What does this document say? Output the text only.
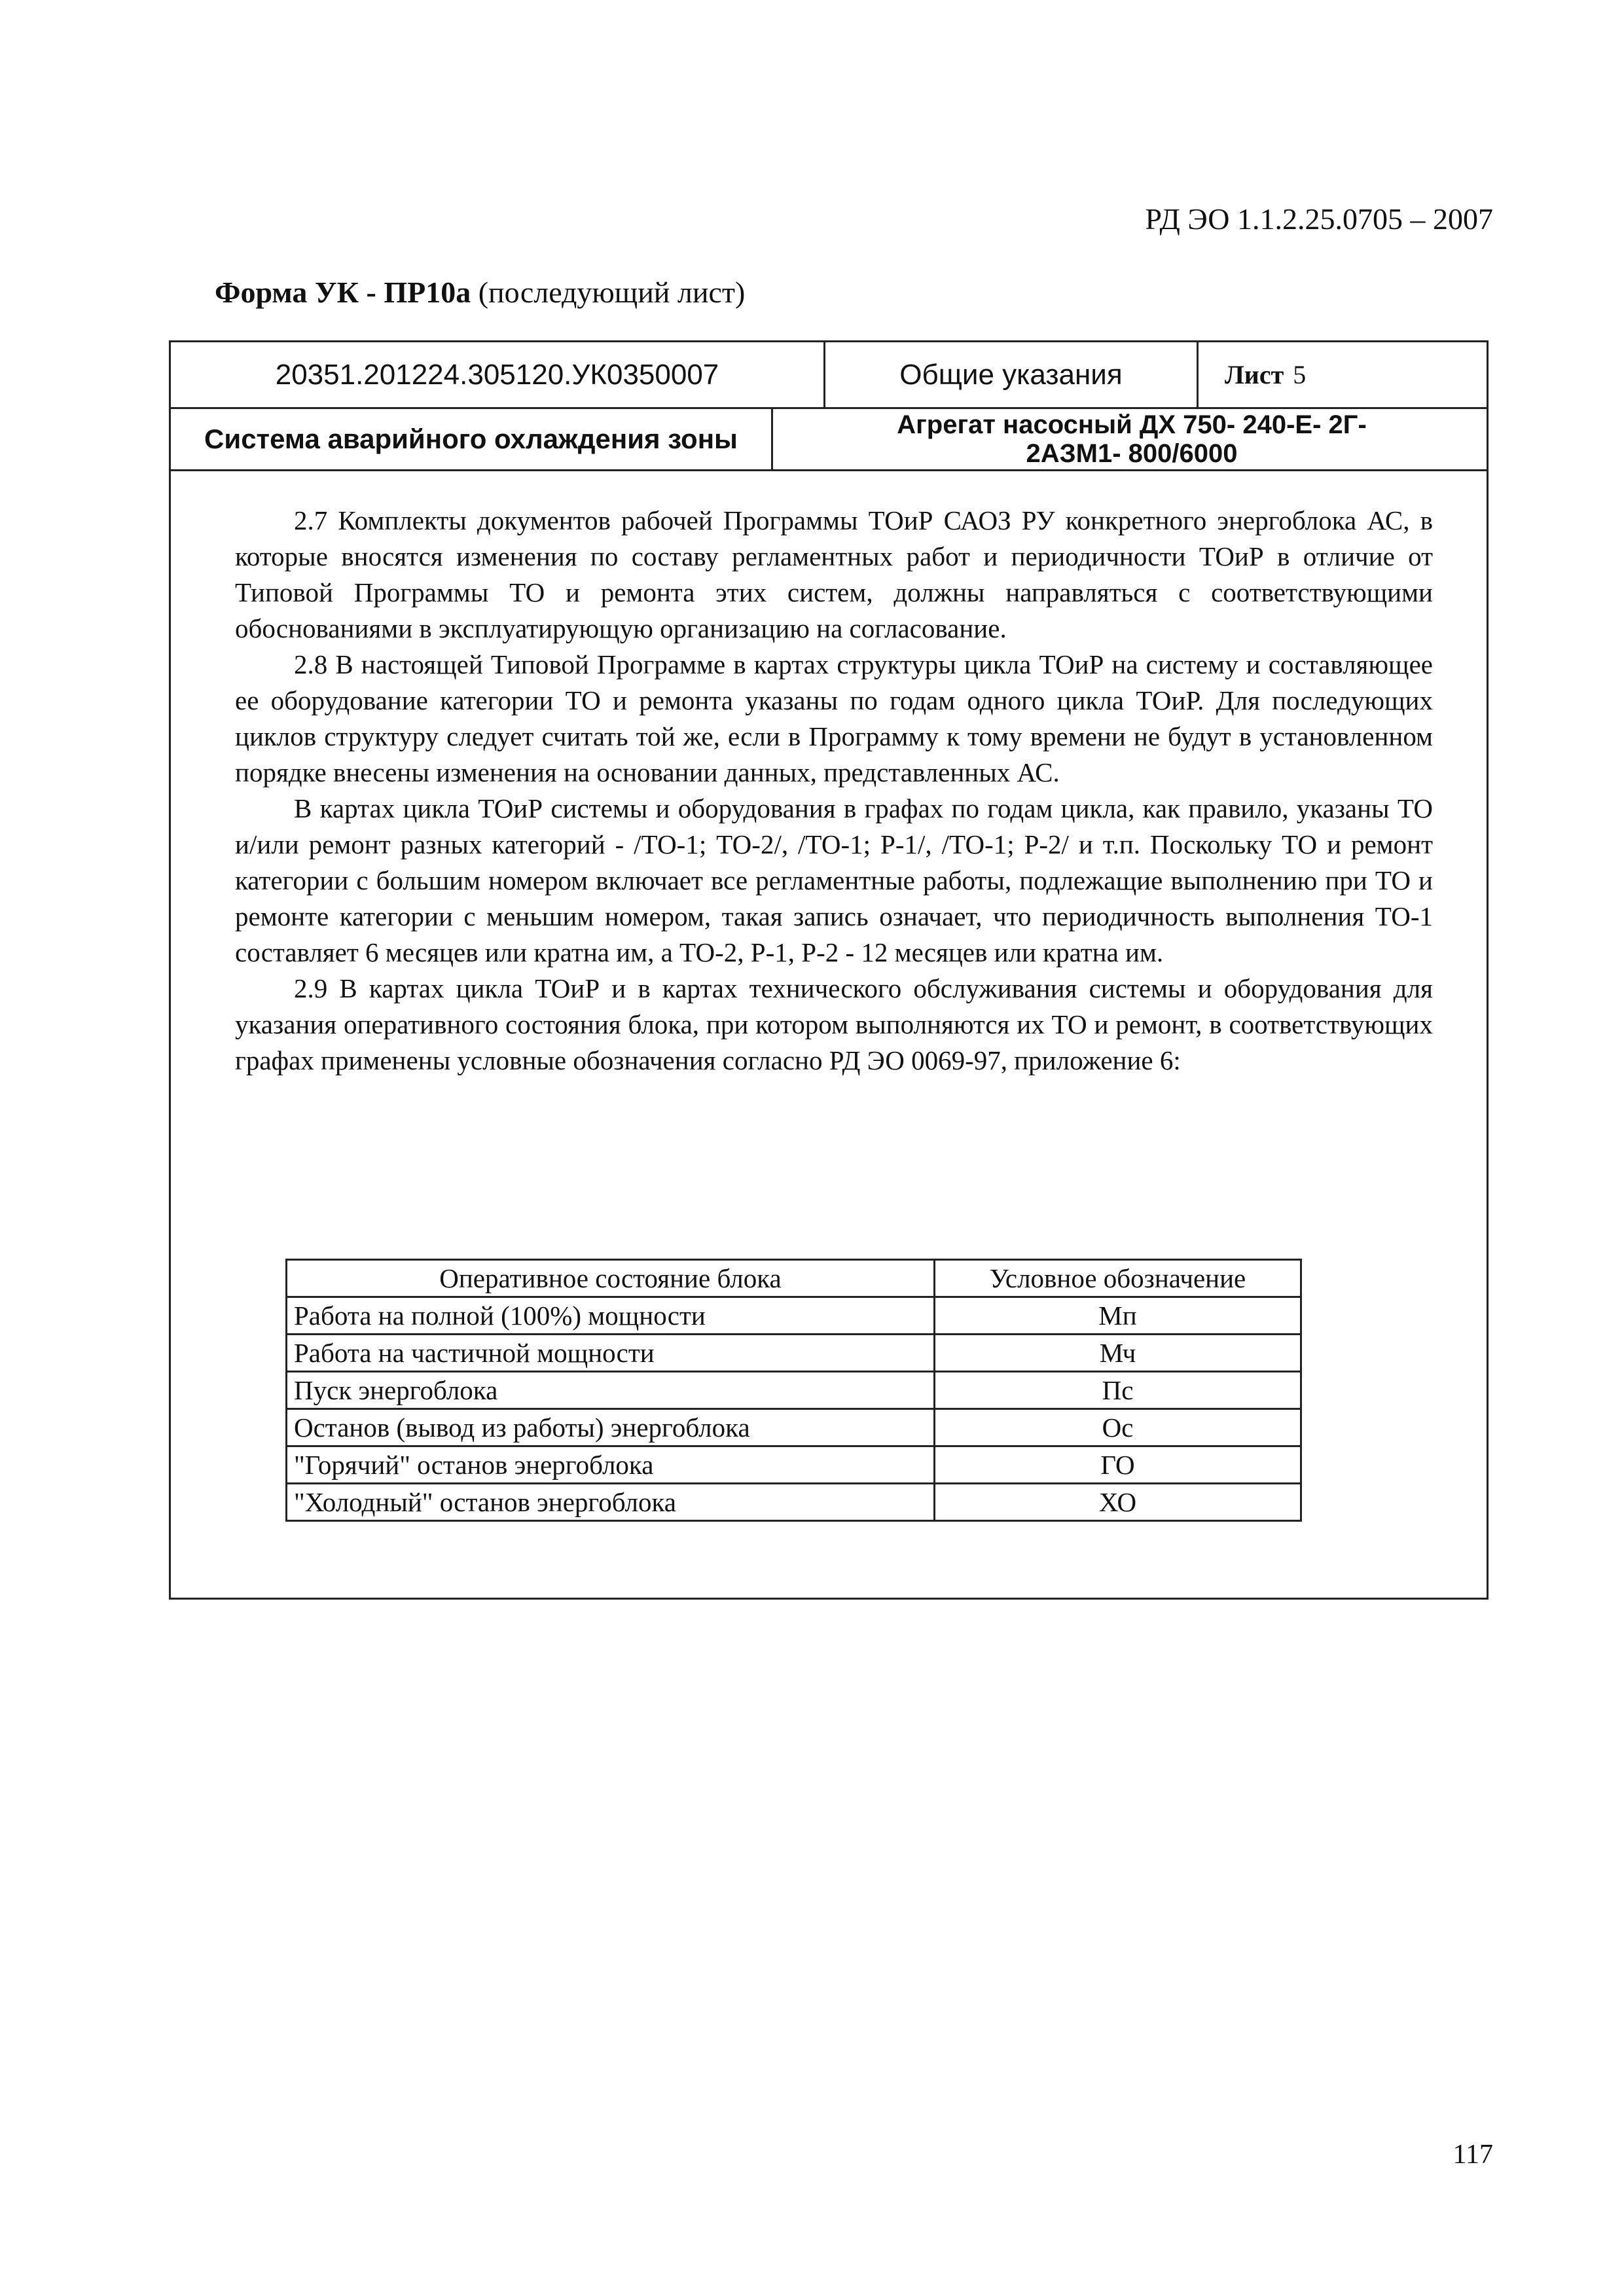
РД ЭО 1.1.2.25.0705 – 2007
Форма УК - ПР10а (последующий лист)
20351.201224.305120.УК0350007	Общие указания	Лист 5
Система аварийного охлаждения зоны	Агрегат насосный ДХ 750- 240-Е- 2Г-
2АЗМ1- 800/6000

2.7 Комплекты документов рабочей Программы ТОиР САОЗ РУ конкретного энергоблока АС, в которые вносятся изменения по составу регламентных работ и периодичности ТОиР в отличие от Типовой Программы ТО и ремонта этих систем, должны направляться с соответствующими обоснованиями в эксплуатирующую организацию на согласование.

2.8 В настоящей Типовой Программе в картах структуры цикла ТОиР на систему и составляющее ее оборудование категории ТО и ремонта указаны по годам одного цикла ТОиР. Для последующих циклов структуру следует считать той же, если в Программу к тому времени не будут в установленном порядке внесены изменения на основании данных, представленных АС.

В картах цикла ТОиР системы и оборудования в графах по годам цикла, как правило, указаны ТО и/или ремонт разных категорий - /ТО-1; ТО-2/, /ТО-1; Р-1/, /ТО-1; Р-2/ и т.п. Поскольку ТО и ремонт категории с большим номером включает все регламентные работы, подлежащие выполнению при ТО и ремонте категории с меньшим номером, такая запись означает, что периодичность выполнения ТО-1 составляет 6 месяцев или кратна им, а ТО-2, Р-1, Р-2 - 12 месяцев или кратна им.

2.9 В картах цикла ТОиР и в картах технического обслуживания системы и оборудования для указания оперативного состояния блока, при котором выполняются их ТО и ремонт, в соответствующих графах применены условные обозначения согласно РД ЭО 0069-97, приложение 6:

Оперативное состояние блока	Условное обозначение
Работа на полной (100%) мощности	Мп
Работа на частичной мощности	Мч
Пуск энергоблока	Пс
Останов (вывод из работы) энергоблока	Ос
"Горячий" останов энергоблока	ГО
"Холодный" останов энергоблока	ХО
117
